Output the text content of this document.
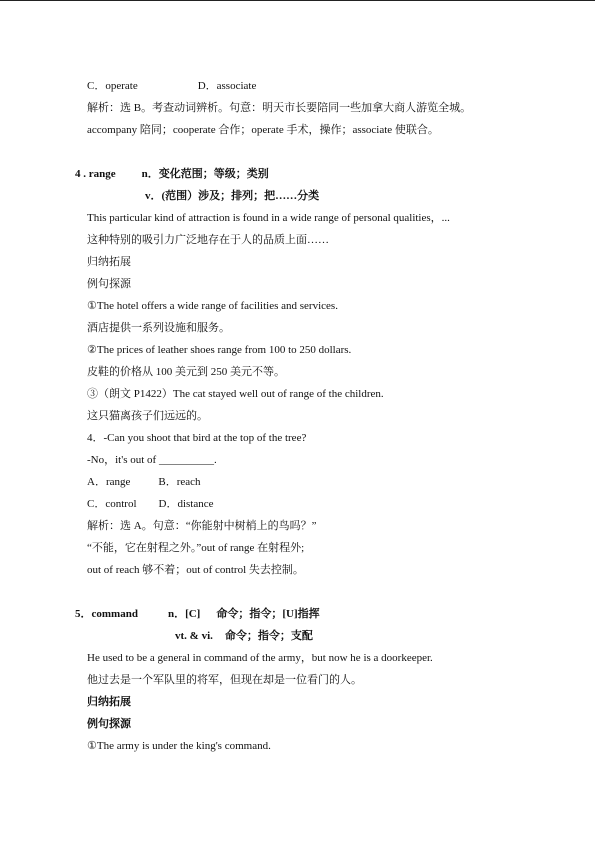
C．operate	D．associate
解析：选 B。考查动词辨析。句意：明天市长要陪同一些加拿大商人游览全城。
accompany 陪同；cooperate 合作；operate 手术，操作；associate 使联合。
4 . range n．变化范围；等级；类别
v．(范围）涉及；排列；把……分类
This particular kind of attraction is found in a wide range of personal qualities，...
这种特别的吸引力广泛地存在于人的品质上面……
归纳拓展
例句探源
①The hotel offers a wide range of facilities and services.
酒店提供一系列设施和服务。
②The prices of leather shoes range from 100 to 250 dollars.
皮鞋的价格从 100 美元到 250 美元不等。
③（朗文 P1422）The cat stayed well out of range of the children.
这只猫离孩子们远远的。
4．-Can you shoot that bird at the top of the tree?
-No，it's out of __________.
A．range	B．reach
C．control D．distance
解析：选 A。句意：“你能射中树梢上的鸟吗？”
“不能，它在射程之外。”out of range 在射程外;
out of reach 够不着；out of control 失去控制。
5．command	n．[C] 命令；指令；[U]指挥
vt. & vi. 命令；指令；支配
He used to be a general in command of the army，but now he is a doorkeeper.
他过去是一个军队里的将军，但现在却是一位看门的人。
归纳拓展
例句探源
①The army is under the king's command.
